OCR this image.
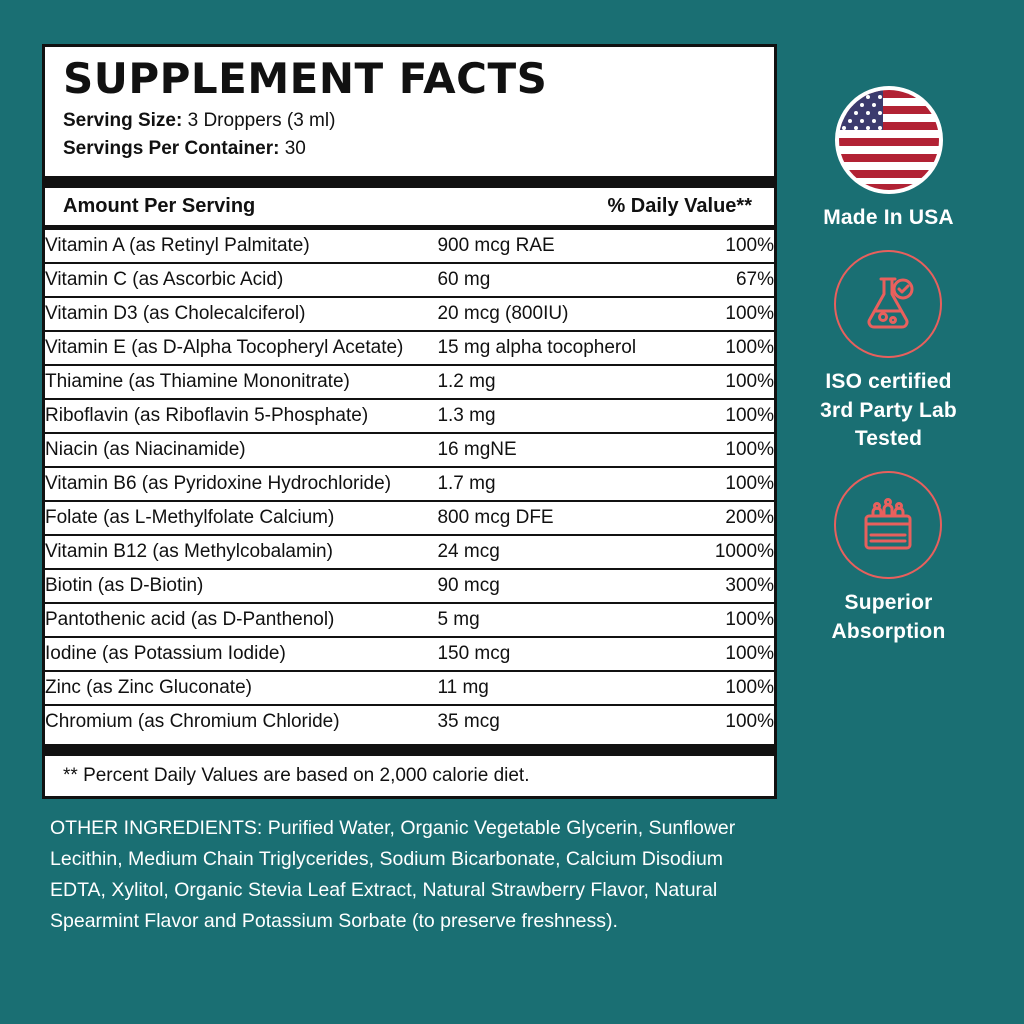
SUPPLEMENT FACTS
Serving Size: 3 Droppers (3 ml)
Servings Per Container: 30
Amount Per Serving	% Daily Value**
Vitamin A (as Retinyl Palmitate)	900 mcg RAE	100%
Vitamin C (as Ascorbic Acid)	60 mg	67%
Vitamin D3 (as Cholecalciferol)	20 mcg (800IU)	100%
Vitamin E (as D-Alpha Tocopheryl Acetate)	15 mg alpha tocopherol	100%
Thiamine (as Thiamine Mononitrate)	1.2 mg	100%
Riboflavin (as Riboflavin 5-Phosphate)	1.3 mg	100%
Niacin (as Niacinamide)	16 mgNE	100%
Vitamin B6 (as Pyridoxine Hydrochloride)	1.7 mg	100%
Folate (as L-Methylfolate Calcium)	800 mcg DFE	200%
Vitamin B12 (as Methylcobalamin)	24 mcg	1000%
Biotin (as D-Biotin)	90 mcg	300%
Pantothenic acid (as D-Panthenol)	5 mg	100%
Iodine (as Potassium Iodide)	150 mcg	100%
Zinc (as Zinc Gluconate)	11 mg	100%
Chromium (as Chromium Chloride)	35 mcg	100%
** Percent Daily Values are based on 2,000 calorie diet.
OTHER INGREDIENTS: Purified Water, Organic Vegetable Glycerin, Sunflower Lecithin, Medium Chain Triglycerides, Sodium Bicarbonate, Calcium Disodium EDTA, Xylitol, Organic Stevia Leaf Extract, Natural Strawberry Flavor, Natural Spearmint Flavor and Potassium Sorbate (to preserve freshness).
Made In USA
ISO certified
3rd Party Lab
Tested
Superior
Absorption
